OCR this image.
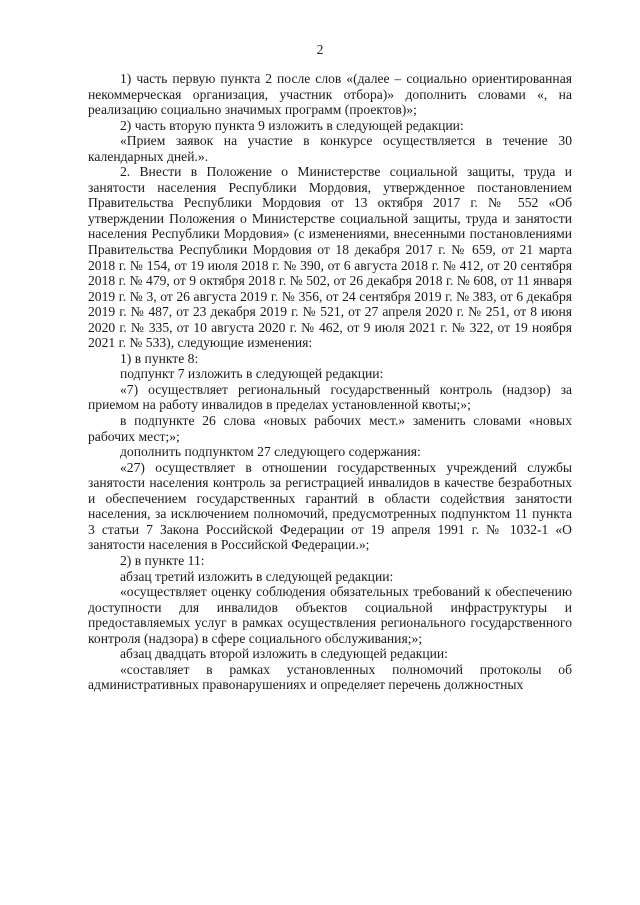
2

1) часть первую пункта 2 после слов «(далее – социально ориентированная некоммерческая организация, участник отбора)» дополнить словами «, на реализацию социально значимых программ (проектов)»;

2) часть вторую пункта 9 изложить в следующей редакции:

«Прием заявок на участие в конкурсе осуществляется в течение 30 календарных дней.».

2. Внести в Положение о Министерстве социальной защиты, труда и занятости населения Республики Мордовия, утвержденное постановлением Правительства Республики Мордовия от 13 октября 2017 г. № 552 «Об утверждении Положения о Министерстве социальной защиты, труда и занятости населения Республики Мордовия» (с изменениями, внесенными постановлениями Правительства Республики Мордовия от 18 декабря 2017 г. № 659, от 21 марта 2018 г. № 154, от 19 июля 2018 г. № 390, от 6 августа 2018 г. № 412, от 20 сентября 2018 г. № 479, от 9 октября 2018 г. № 502, от 26 декабря 2018 г. № 608, от 11 января 2019 г. № 3, от 26 августа 2019 г. № 356, от 24 сентября 2019 г. № 383, от 6 декабря 2019 г. № 487, от 23 декабря 2019 г. № 521, от 27 апреля 2020 г. № 251, от 8 июня 2020 г. № 335, от 10 августа 2020 г. № 462, от 9 июля 2021 г. № 322, от 19 ноября 2021 г. № 533), следующие изменения:

1) в пункте 8:

подпункт 7 изложить в следующей редакции:

«7) осуществляет региональный государственный контроль (надзор) за приемом на работу инвалидов в пределах установленной квоты;»;

в подпункте 26 слова «новых рабочих мест.» заменить словами «новых рабочих мест;»;

дополнить подпунктом 27 следующего содержания:

«27) осуществляет в отношении государственных учреждений службы занятости населения контроль за регистрацией инвалидов в качестве безработных и обеспечением государственных гарантий в области содействия занятости населения, за исключением полномочий, предусмотренных подпунктом 11 пункта 3 статьи 7 Закона Российской Федерации от 19 апреля 1991 г. № 1032-1 «О занятости населения в Российской Федерации.»;

2) в пункте 11:

абзац третий изложить в следующей редакции:

«осуществляет оценку соблюдения обязательных требований к обеспечению доступности для инвалидов объектов социальной инфраструктуры и предоставляемых услуг в рамках осуществления регионального государственного контроля (надзора) в сфере социального обслуживания;»;

абзац двадцать второй изложить в следующей редакции:

«составляет в рамках установленных полномочий протоколы об административных правонарушениях и определяет перечень должностных
